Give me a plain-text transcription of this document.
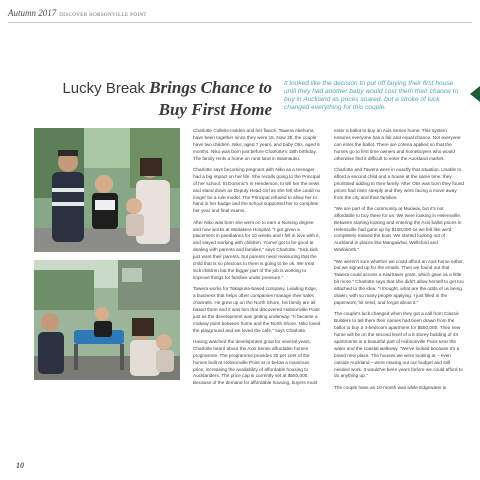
Autumn 2017 DISCOVER HOBSONVILLE POINT
Lucky Break Brings Chance to
Buy First Home
It looked like the decision to put off buying their first house until they had another baby would cost them their chance to buy in Auckland as prices soared, but a stroke of luck changed everything for this couple.

Charlotte Colleits-Holden and her fiancé, Tawera Akehorst, have been together since they were 15. Now 25, the couple have two children, Niko, aged 7 years, and baby Otis, aged 9 months. Niko was born just before Charlotte's 18th birthday. The family rents a home on rural land in Waimauku.

Charlotte says becoming pregnant with Niko as a teenager had a big impact on her life. She recalls going to the Principal of her school, St Dominic's in Henderson, to tell her the news and stand down as Deputy Head Girl as she felt she could no longer be a role model. The Principal refused to allow her to hand in her badge and the school supported her to complete her year and final exams.

After Niko was born she went on to earn a Nursing degree and now works at Waitakere Hospital. "I got given a placement in paediatrics for 10 weeks and I fell in love with it, and stayed working with children. You've got to be good at dealing with parents and families," says Charlotte. "Sick kids just want their parents, but parents need reassuring that the child that is so precious to them is going to be ok. We treat sick children but the bigger part of the job is working to improve things for families under pressure."

Tawera works for Takapuna-based company, Leading Edge, a business that helps other companies manage their sales channels. He grew up on the North Shore, his family are all based there and it was him that discovered Hobsonville Point just as the development was getting underway. "It became a midway point between home and the North Shore. Niko loved the playground and we loved the cafe," says Charlotte.

Having watched the development grow for several years, Charlotte heard about the Axis Series affordable homes programme. The programme provides 20 per cent of the homes built at Hobsonville Point at or below a maximum price, increasing the availability of affordable housing to Aucklanders. The price cap is currently set at $550,000. Because of the demand for affordable housing, buyers must

enter a ballot to buy an Axis Series home. This system ensures everyone has a fair and equal chance. Not everyone can enter the ballot. There are criteria applied so that the homes go to first time owners and homebuyers who would otherwise find it difficult to enter the Auckland market.

Charlotte and Tawera were in exactly that situation. Unable to afford a second child and a house at the same time, they prioritised adding to their family. After Otis was born they found prices had risen steeply and they were facing a move away from the city and their families.

"We are part of the community at Muriwai, but it's not affordable to buy there for us. We were looking in Helensville. Between starting looking and entering the Axis ballot prices in Helensville had gone up by $100,000 so we felt like we'd completely missed the boat. We started looking out of Auckland in places like Mangawhai, Wellsford and Warkworth."

"We weren't sure whether we could afford an Axis home either, but we signed up for the emails. Then we found out that Tawera could access a KiwiSaver grant, which gave us a little bit more." Charlotte says that she didn't allow herself to get too attached to the idea. "I thought, what are the odds of us being drawn, with so many people applying. I just filled in the paperwork, hit send, and forgot about it."

The couple's luck changed when they got a call from Classic Builders to tell them their names had been drawn from the ballot to buy a 3-bedroom apartment for $550,000. Their new home will be on the second level of a 5 storey building of 43 apartments in a beautiful part of Hobsonville Point near the water and the coastal walkway. "We've looked because it's a brand new place. The houses we were looking at – even outside Auckland – were maxing out our budget and still needed work. It would've been years before we could afford to do anything up."

The couple have an 18-month wait while Edgewater is

10
